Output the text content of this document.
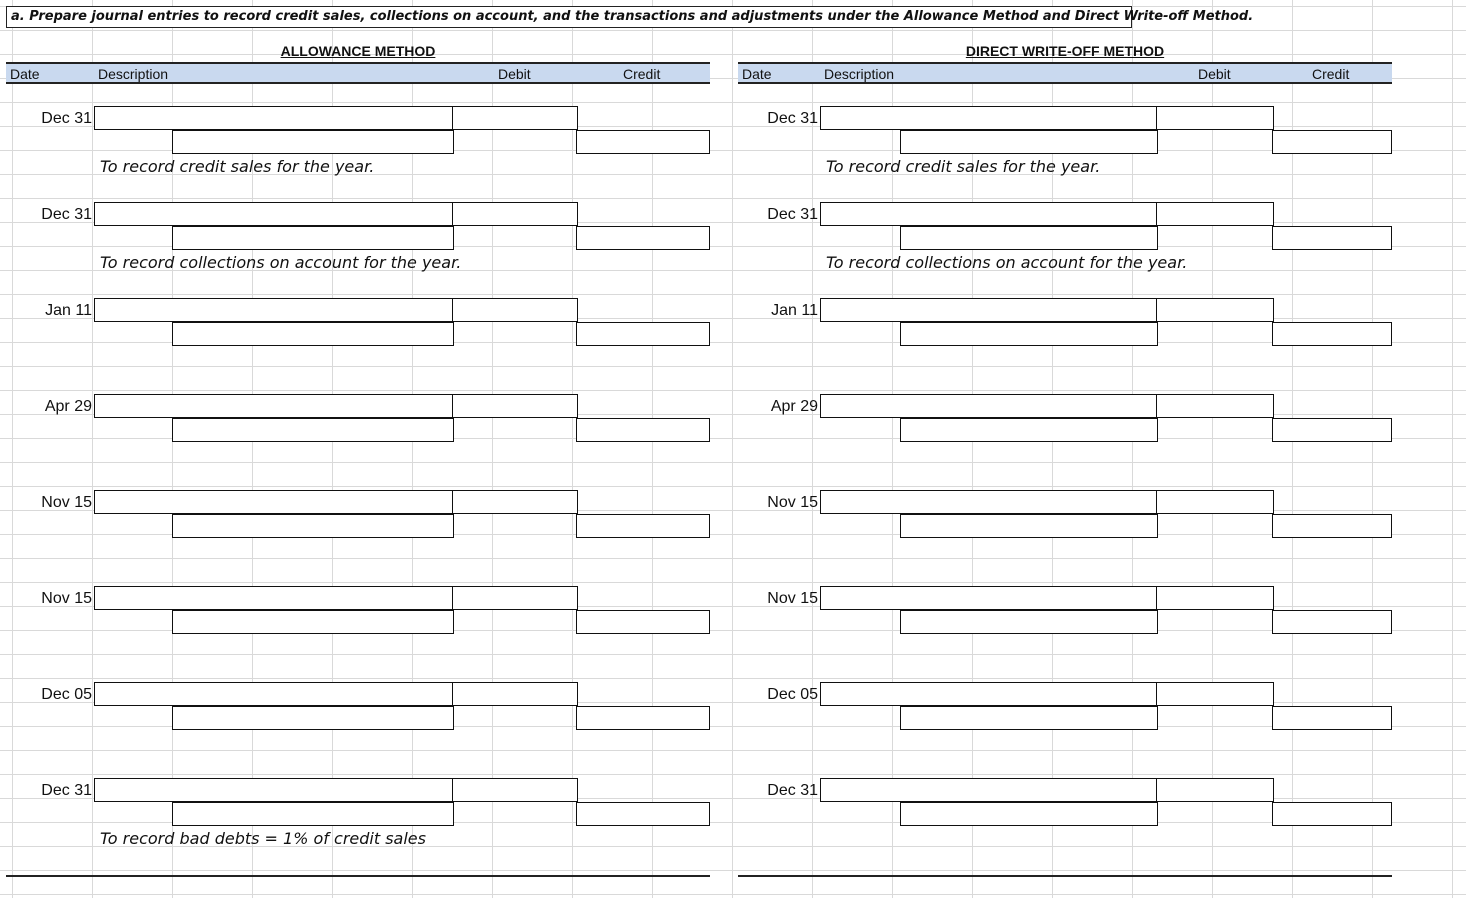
a. Prepare journal entries to record credit sales, collections on account, and the transactions and adjustments under the Allowance Method and Direct Write-off Method.
ALLOWANCE METHOD
Date	Description	Debit	Credit
Dec 31
To record credit sales for the year.
Dec 31
To record collections on account for the year.
Jan 11
Apr 29
Nov 15
Nov 15
Dec 05
Dec 31
To record bad debts = 1% of credit sales
DIRECT WRITE-OFF METHOD
Date	Description	Debit	Credit
Dec 31
To record credit sales for the year.
Dec 31
To record collections on account for the year.
Jan 11
Apr 29
Nov 15
Nov 15
Dec 05
Dec 31
